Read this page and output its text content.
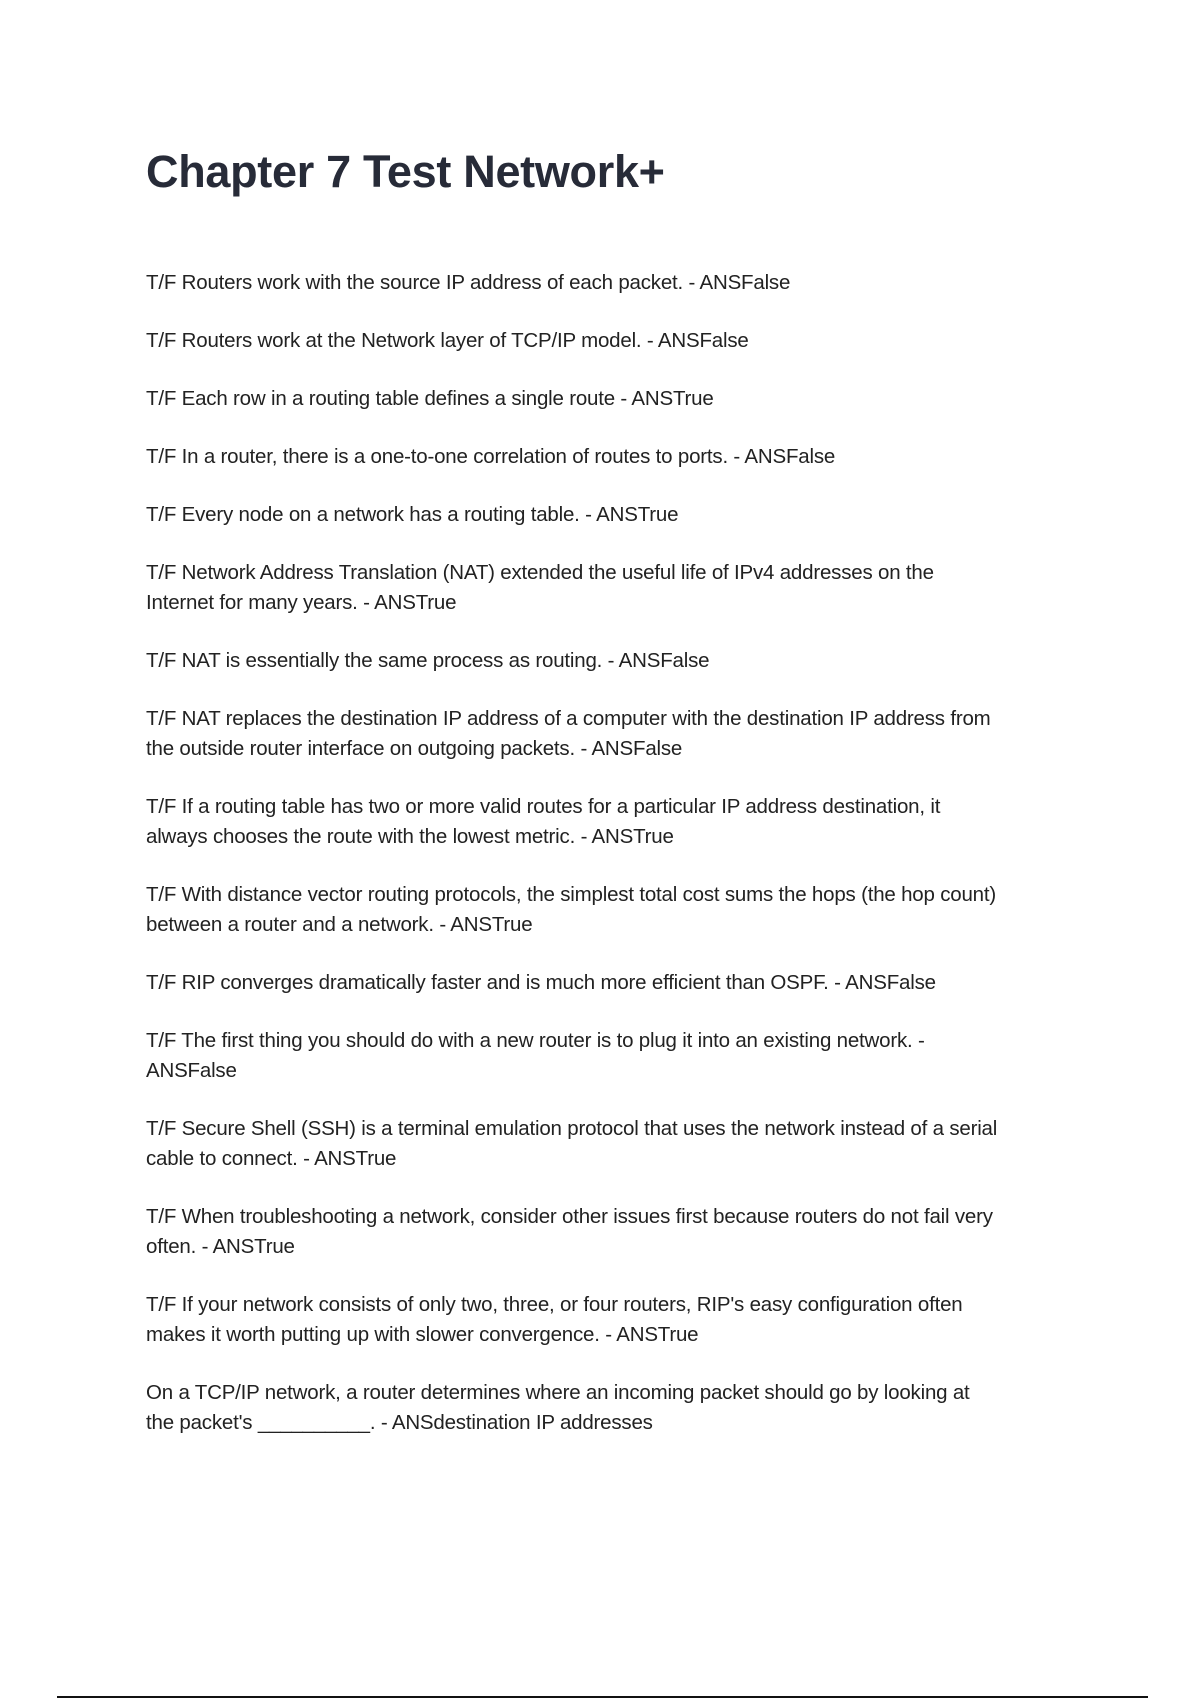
Chapter 7 Test Network+

T/F Routers work with the source IP address of each packet. - ANSFalse

T/F Routers work at the Network layer of TCP/IP model. - ANSFalse

T/F Each row in a routing table defines a single route - ANSTrue

T/F In a router, there is a one-to-one correlation of routes to ports. - ANSFalse

T/F Every node on a network has a routing table. - ANSTrue

T/F Network Address Translation (NAT) extended the useful life of IPv4 addresses on the
Internet for many years. - ANSTrue

T/F NAT is essentially the same process as routing. - ANSFalse

T/F NAT replaces the destination IP address of a computer with the destination IP address from
the outside router interface on outgoing packets. - ANSFalse

T/F If a routing table has two or more valid routes for a particular IP address destination, it
always chooses the route with the lowest metric. - ANSTrue

T/F With distance vector routing protocols, the simplest total cost sums the hops (the hop count)
between a router and a network. - ANSTrue

T/F RIP converges dramatically faster and is much more efficient than OSPF. - ANSFalse

T/F The first thing you should do with a new router is to plug it into an existing network. -
ANSFalse

T/F Secure Shell (SSH) is a terminal emulation protocol that uses the network instead of a serial
cable to connect. - ANSTrue

T/F When troubleshooting a network, consider other issues first because routers do not fail very
often. - ANSTrue

T/F If your network consists of only two, three, or four routers, RIP's easy configuration often
makes it worth putting up with slower convergence. - ANSTrue

On a TCP/IP network, a router determines where an incoming packet should go by looking at
the packet's __________. - ANSdestination IP addresses
